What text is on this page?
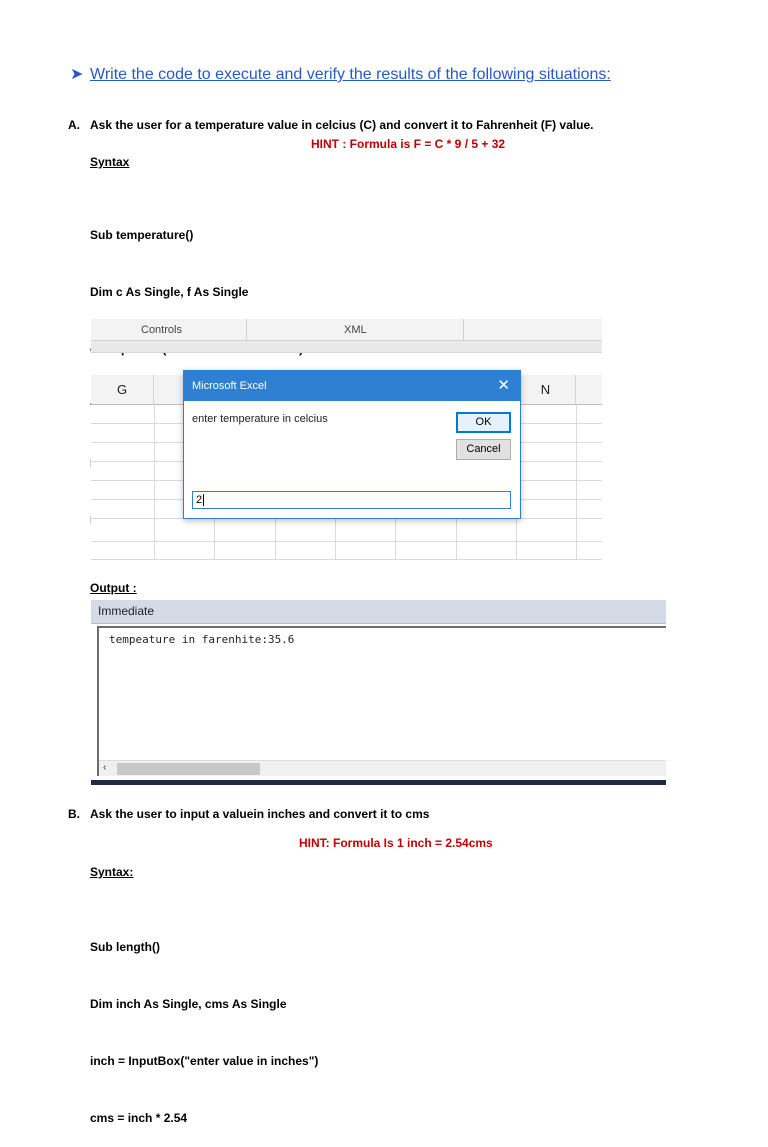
➤ Write the code to execute and verify the results of the following situations:
A. Ask the user for a temperature value in celcius (C) and convert it to Fahrenheit (F) value.
HINT : Formula is F = C * 9 / 5 + 32
Syntax

Sub temperature()

Dim c As Single, f As Single

Controls	XML
G	N
Microsoft Excel	✕
enter temperature in celcius	OK
Cancel
2
Output :
Immediate
tempeature in farenhite:35.6
‹
B. Ask the user to input a valuein inches and convert it to cms
HINT: Formula Is 1 inch = 2.54cms
Syntax:

Sub length()

Dim inch As Single, cms As Single

inch = InputBox("enter value in inches")

cms = inch * 2.54
